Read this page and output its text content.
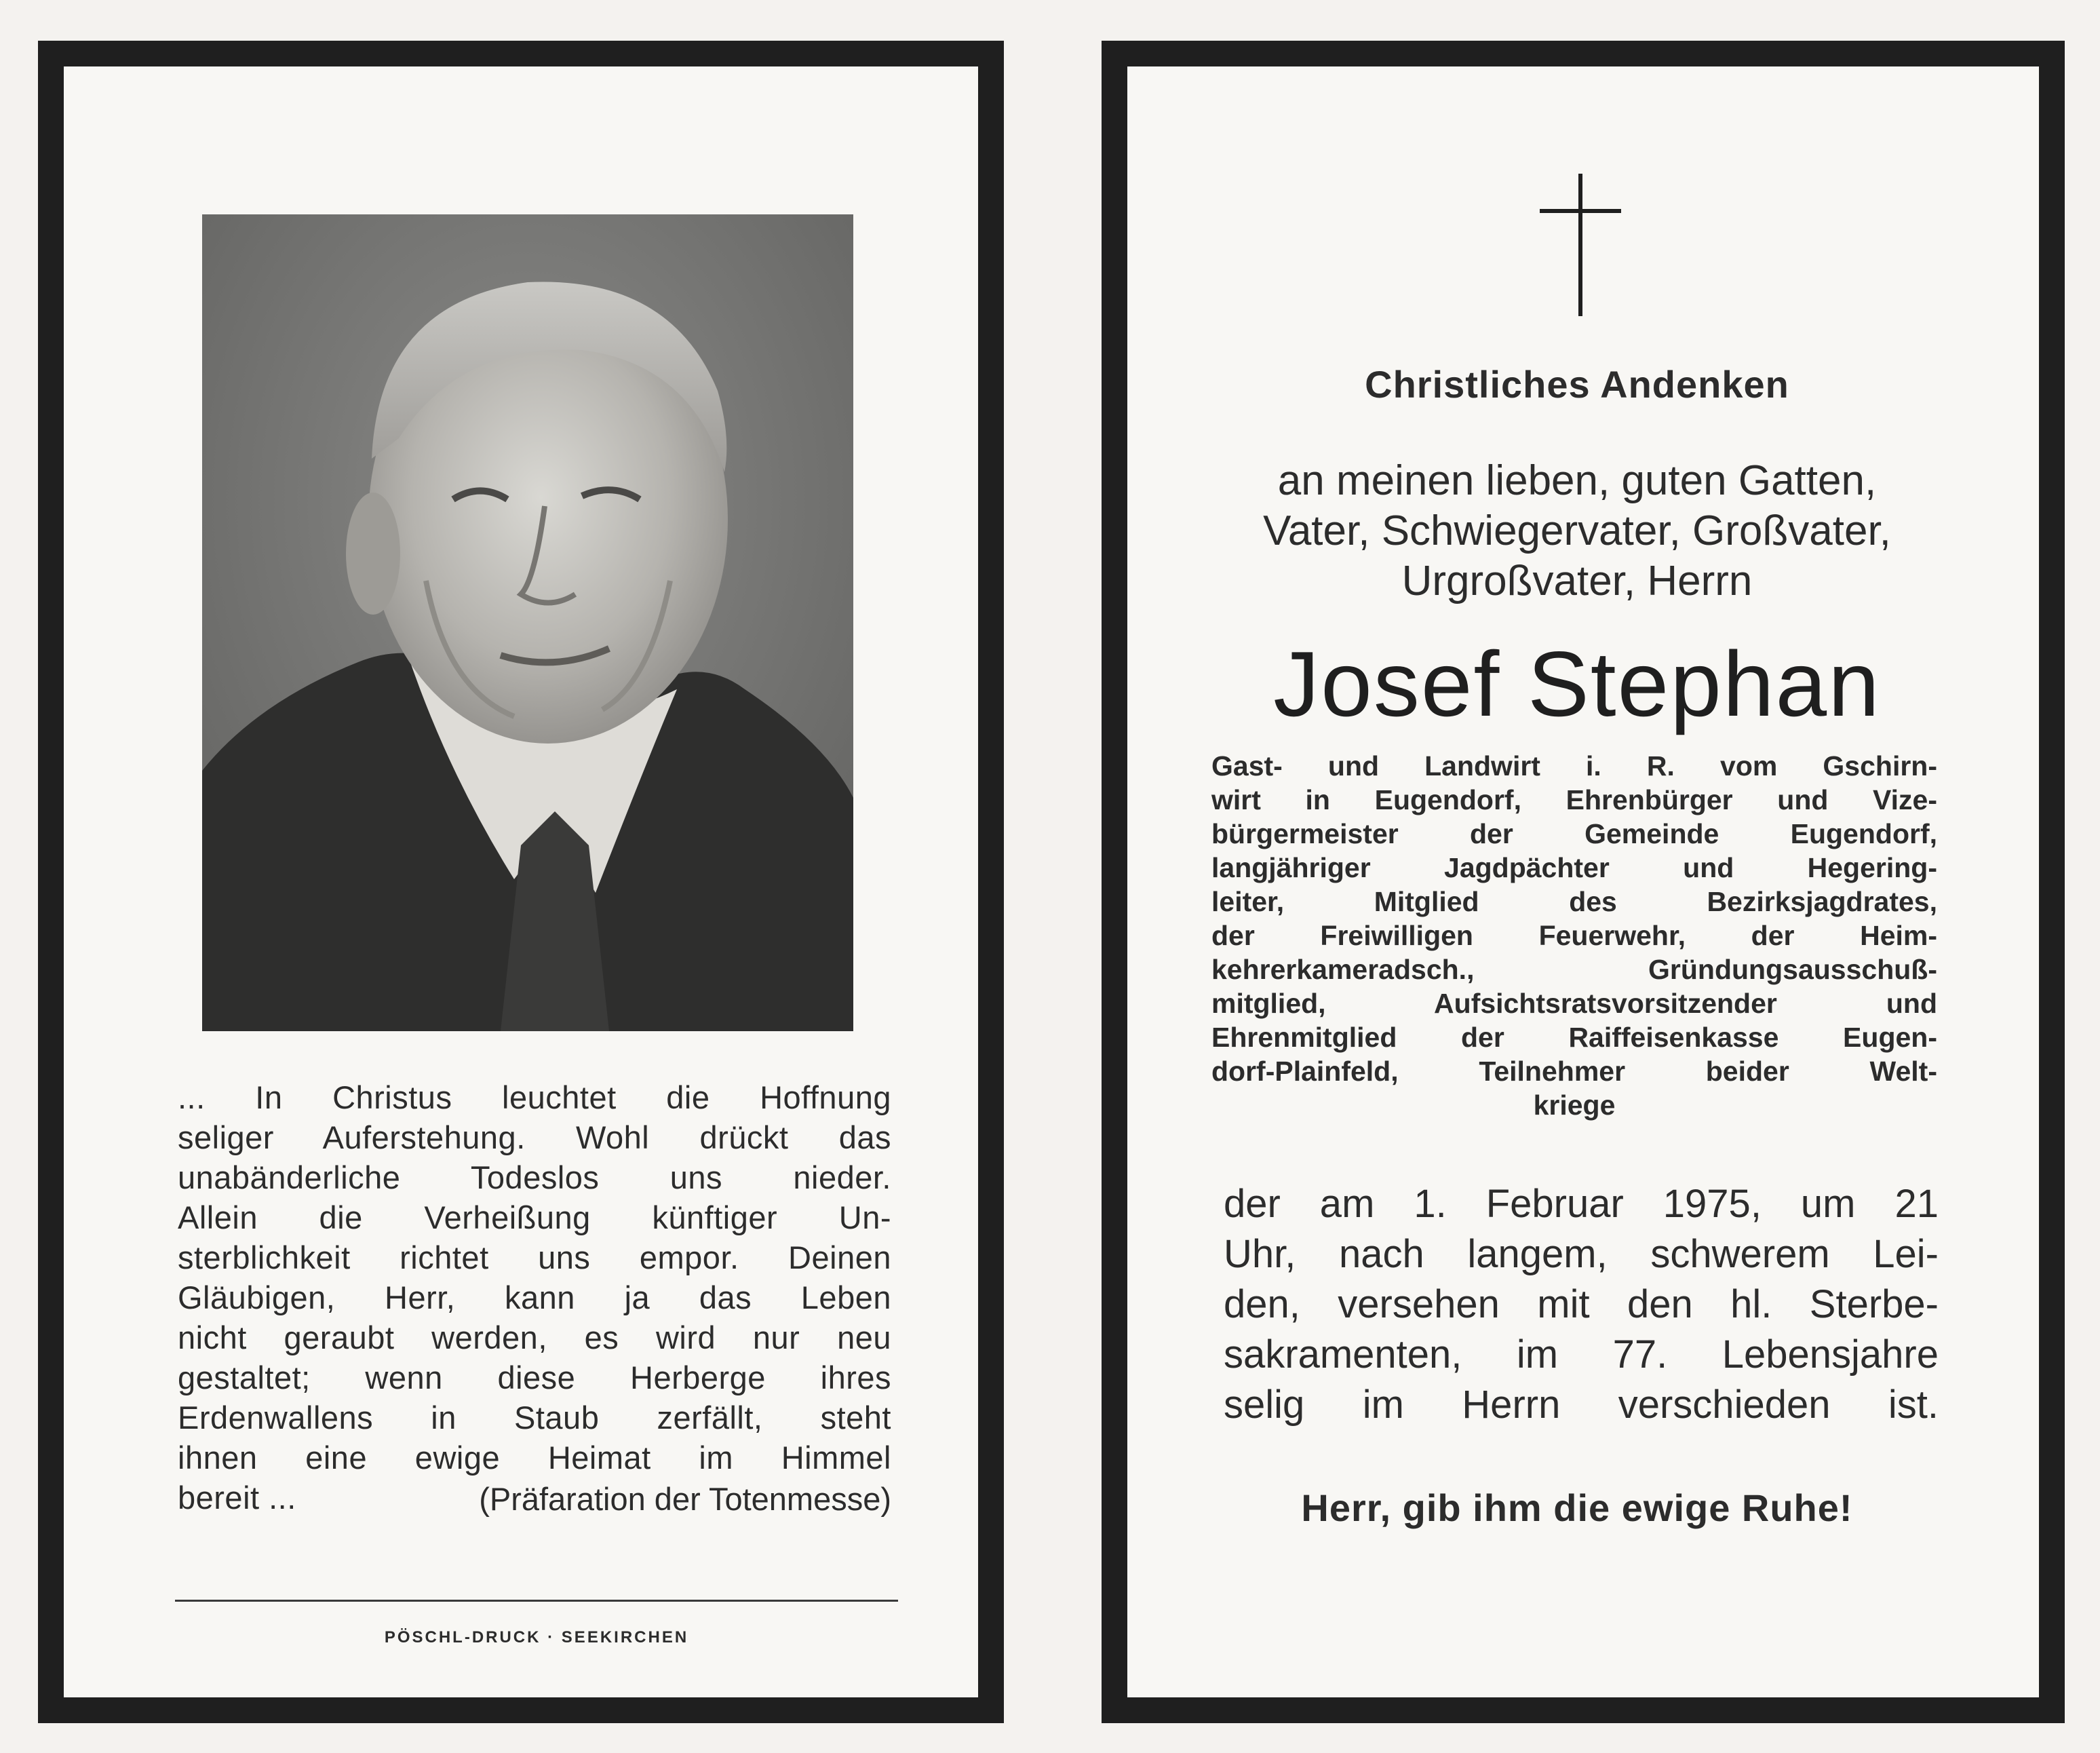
... In Christus leuchtet die Hoffnung
seliger Auferstehung. Wohl drückt das
unabänderliche Todeslos uns nieder.
Allein die Verheißung künftiger Un-
sterblichkeit richtet uns empor. Deinen
Gläubigen, Herr, kann ja das Leben
nicht geraubt werden, es wird nur neu
gestaltet; wenn diese Herberge ihres
Erdenwallens in Staub zerfällt, steht
ihnen eine ewige Heimat im Himmel
bereit ...	(Präfaration der Totenmesse)
PÖSCHL-DRUCK · SEEKIRCHEN
Christliches Andenken
an meinen lieben, guten Gatten,
Vater, Schwiegervater, Großvater,
Urgroßvater, Herrn
Josef Stephan
Gast- und Landwirt i. R. vom Gschirn-
wirt in Eugendorf, Ehrenbürger und Vize-
bürgermeister der Gemeinde Eugendorf,
langjähriger Jagdpächter und Hegering-
leiter, Mitglied des Bezirksjagdrates,
der Freiwilligen Feuerwehr, der Heim-
kehrerkameradsch., Gründungsausschuß-
mitglied, Aufsichtsratsvorsitzender und
Ehrenmitglied der Raiffeisenkasse Eugen-
dorf-Plainfeld, Teilnehmer beider Welt-
kriege
der am 1. Februar 1975, um 21
Uhr, nach langem, schwerem Lei-
den, versehen mit den hl. Sterbe-
sakramenten, im 77. Lebensjahre
selig im Herrn verschieden ist.
Herr, gib ihm die ewige Ruhe!
